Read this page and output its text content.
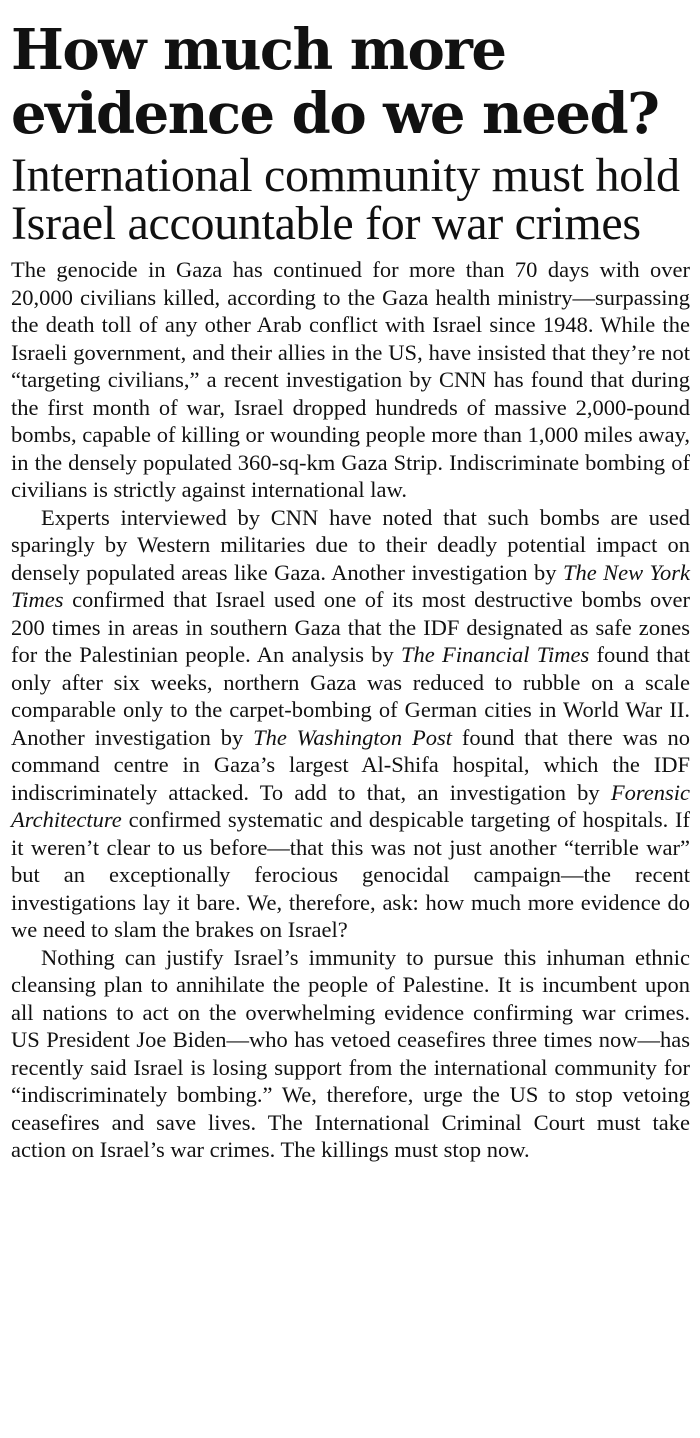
How much more evidence do we need?
International community must hold Israel accountable for war crimes

The genocide in Gaza has continued for more than 70 days with over 20,000 civilians killed, according to the Gaza health ministry—surpassing the death toll of any other Arab conflict with Israel since 1948. While the Israeli government, and their allies in the US, have insisted that they’re not “targeting civilians,” a recent investigation by CNN has found that during the first month of war, Israel dropped hundreds of massive 2,000-pound bombs, capable of killing or wounding people more than 1,000 miles away, in the densely populated 360-sq-km Gaza Strip. Indiscriminate bombing of civilians is strictly against international law.

Experts interviewed by CNN have noted that such bombs are used sparingly by Western militaries due to their deadly potential impact on densely populated areas like Gaza. Another investigation by The New York Times confirmed that Israel used one of its most destructive bombs over 200 times in areas in southern Gaza that the IDF designated as safe zones for the Palestinian people. An analysis by The Financial Times found that only after six weeks, northern Gaza was reduced to rubble on a scale comparable only to the carpet-bombing of German cities in World War II. Another investigation by The Washington Post found that there was no command centre in Gaza’s largest Al-Shifa hospital, which the IDF indiscriminately attacked. To add to that, an investigation by Forensic Architecture confirmed systematic and despicable targeting of hospitals. If it weren’t clear to us before—that this was not just another “terrible war” but an exceptionally ferocious genocidal campaign—the recent investigations lay it bare. We, therefore, ask: how much more evidence do we need to slam the brakes on Israel?

Nothing can justify Israel’s immunity to pursue this inhuman ethnic cleansing plan to annihilate the people of Palestine. It is incumbent upon all nations to act on the overwhelming evidence confirming war crimes. US President Joe Biden—who has vetoed ceasefires three times now—has recently said Israel is losing support from the international community for “indiscriminately bombing.” We, therefore, urge the US to stop vetoing ceasefires and save lives. The International Criminal Court must take action on Israel’s war crimes. The killings must stop now.
